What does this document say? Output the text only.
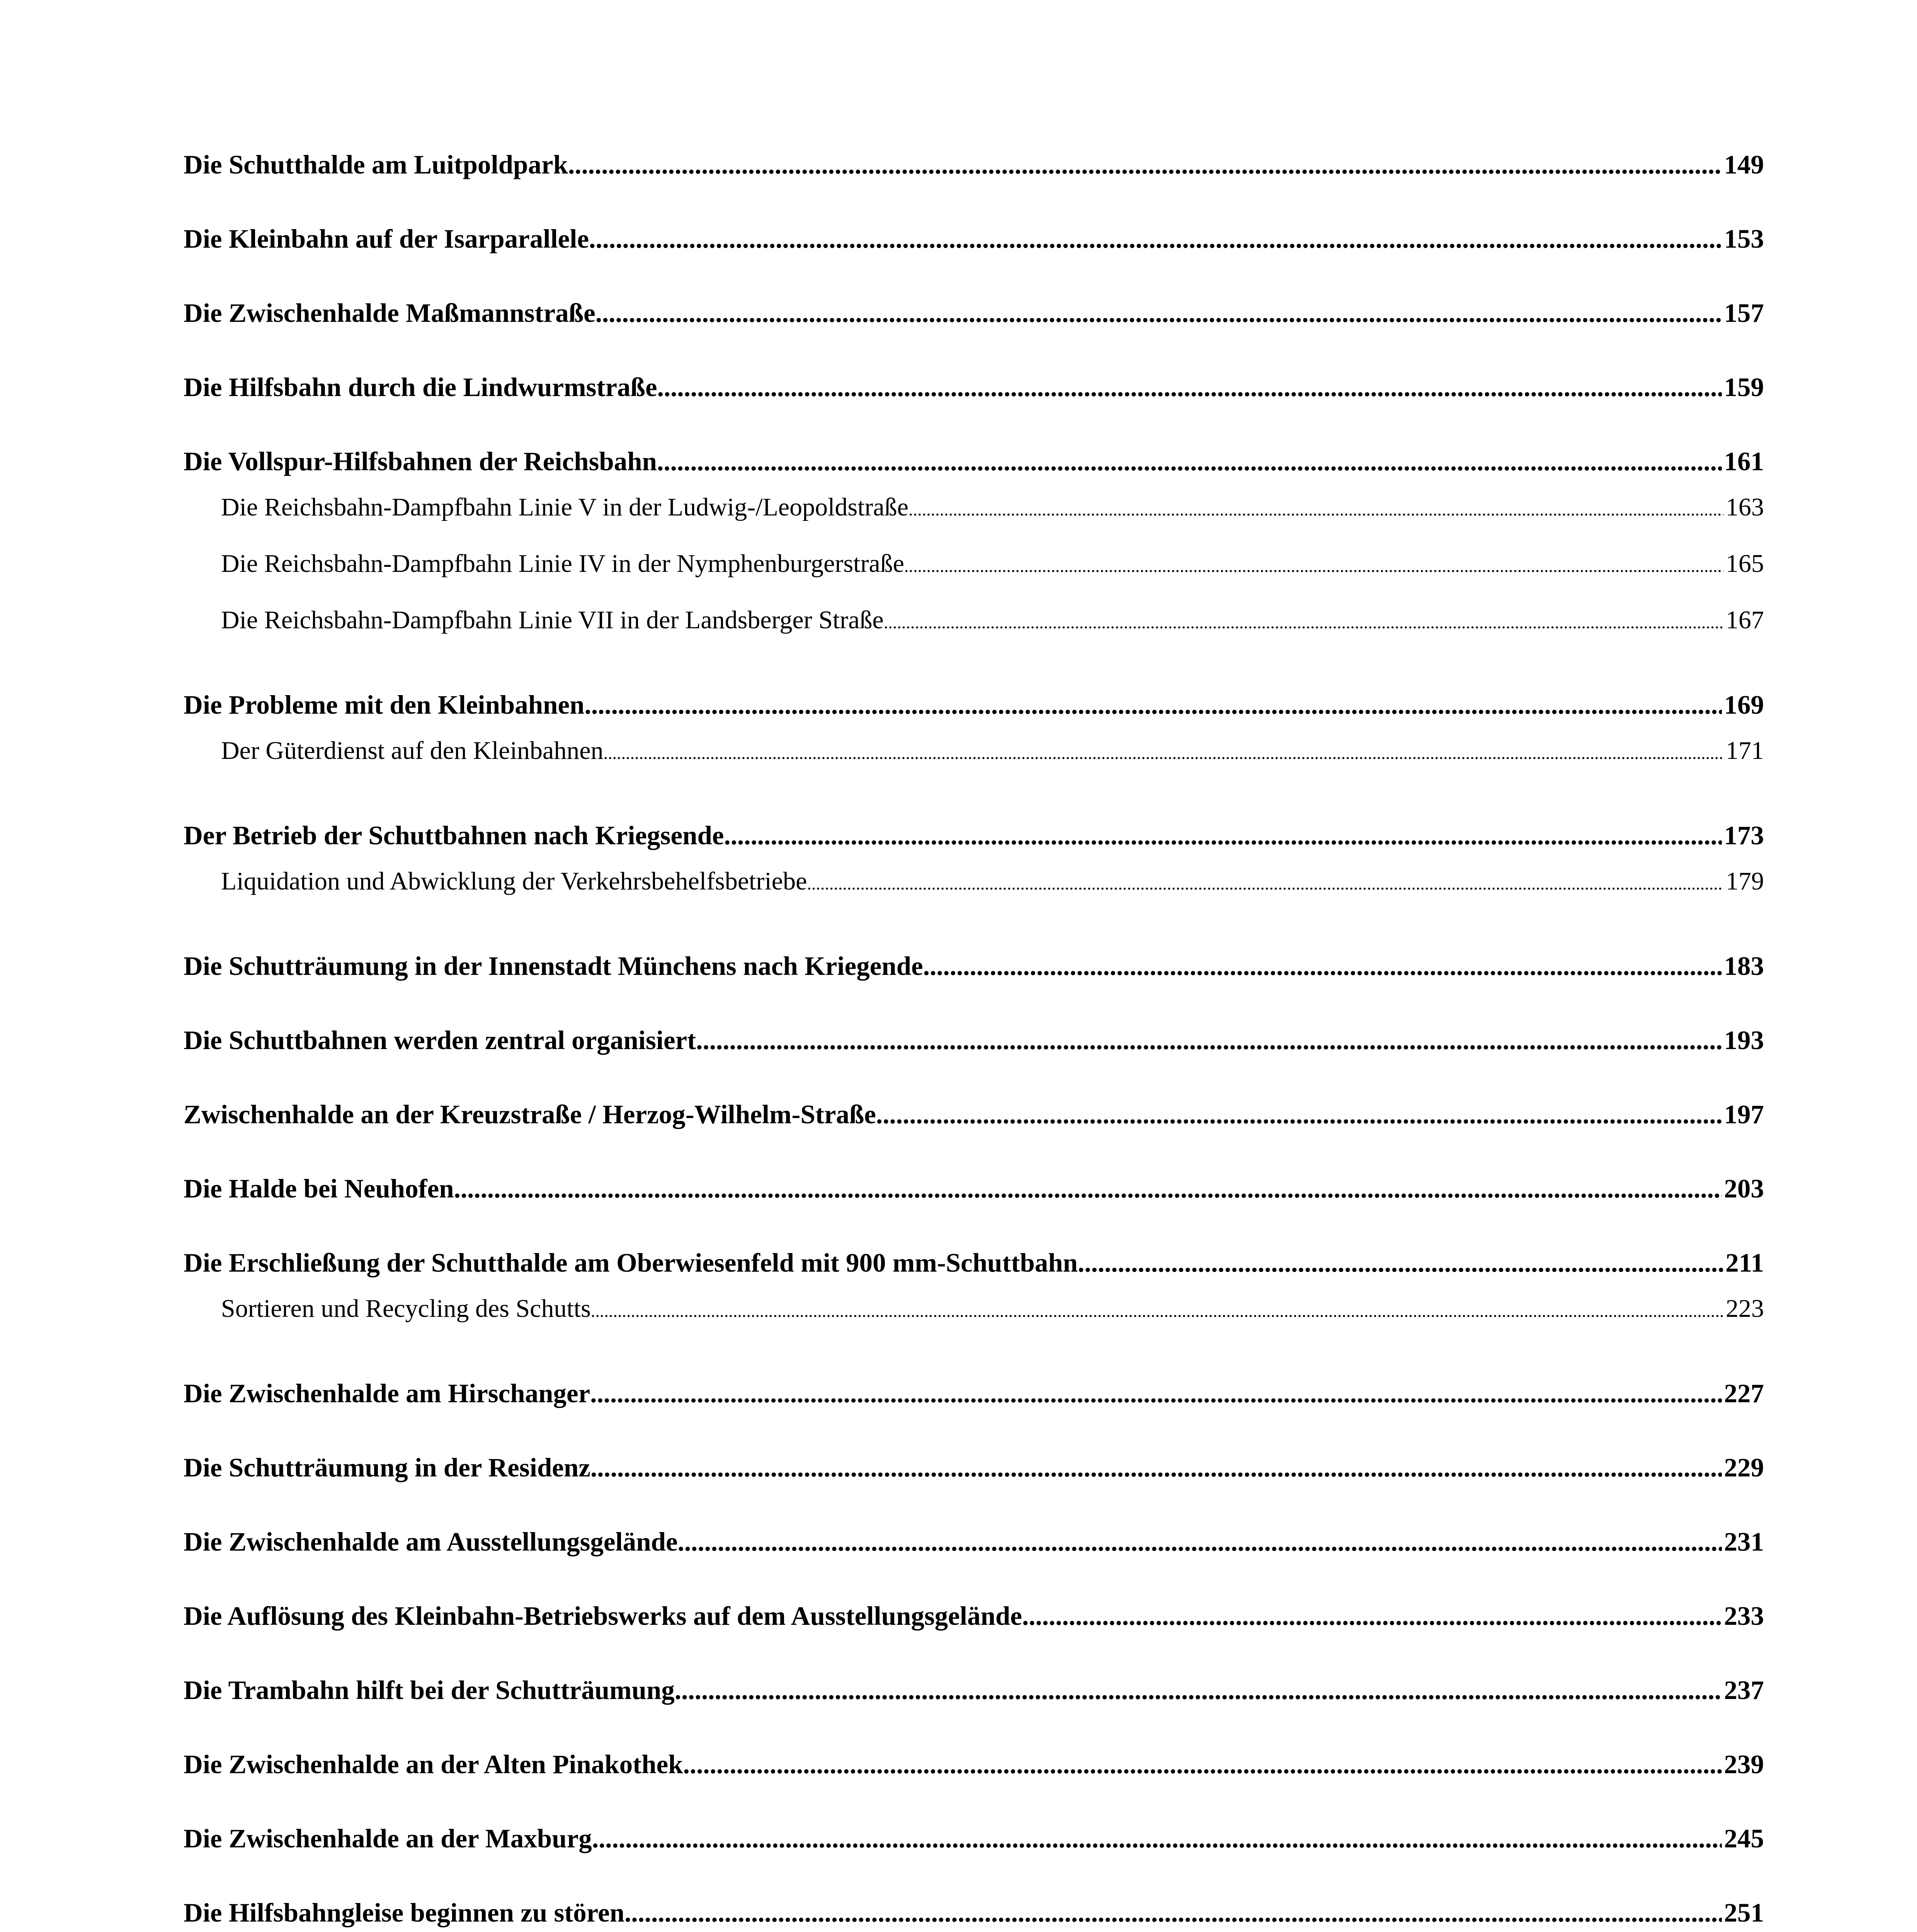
Die Schutthalde am Luitpoldpark .....	149
Die Kleinbahn auf der Isarparallele .....	153
Die Zwischenhalde Maßmannstraße .....	157
Die Hilfsbahn durch die Lindwurmstraße .....	159
Die Vollspur-Hilfsbahnen der Reichsbahn .....	161
Die Reichsbahn-Dampfbahn Linie V in der Ludwig-/Leopoldstraße .....	163
Die Reichsbahn-Dampfbahn Linie IV in der Nymphenburgerstraße .....	165
Die Reichsbahn-Dampfbahn Linie VII in der Landsberger Straße .....	167
Die Probleme mit den Kleinbahnen .....	169
Der Güterdienst auf den Kleinbahnen .....	171
Der Betrieb der Schuttbahnen nach Kriegsende .....	173
Liquidation und Abwicklung der Verkehrsbehelfsbetriebe .....	179
Die Schutträumung in der Innenstadt Münchens nach Kriegende .....	183
Die Schuttbahnen werden zentral organisiert .....	193
Zwischenhalde an der Kreuzstraße / Herzog-Wilhelm-Straße .....	197
Die Halde bei Neuhofen .....	203
Die Erschließung der Schutthalde am Oberwiesenfeld mit 900 mm-Schuttbahn .....	211
Sortieren und Recycling des Schutts .....	223
Die Zwischenhalde am Hirschanger .....	227
Die Schutträumung in der Residenz .....	229
Die Zwischenhalde am Ausstellungsgelände .....	231
Die Auflösung des Kleinbahn-Betriebswerks auf dem Ausstellungsgelände .....	233
Die Trambahn hilft bei der Schutträumung .....	237
Die Zwischenhalde an der Alten Pinakothek .....	239
Die Zwischenhalde an der Maxburg .....	245
Die Hilfsbahngleise beginnen zu stören .....	251
